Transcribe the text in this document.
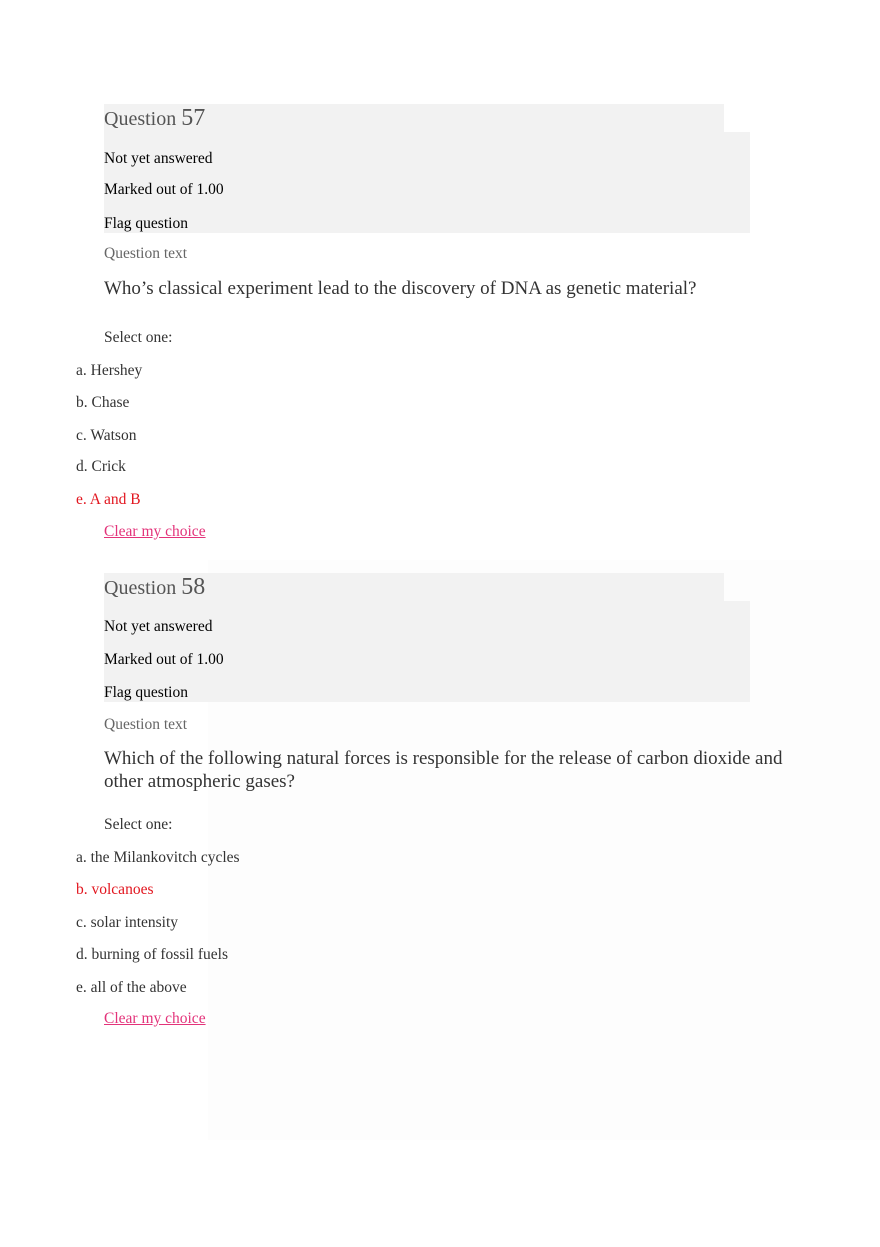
Question 57
Not yet answered
Marked out of 1.00
Flag question
Question text

Who’s classical experiment lead to the discovery of DNA as genetic material?

Select one:
a. Hershey
b. Chase
c. Watson
d. Crick
e. A and B
Clear my choice
Question 58
Not yet answered
Marked out of 1.00
Flag question
Question text

Which of the following natural forces is responsible for the release of carbon dioxide and other atmospheric gases?

Select one:
a. the Milankovitch cycles
b. volcanoes
c. solar intensity
d. burning of fossil fuels
e. all of the above
Clear my choice
